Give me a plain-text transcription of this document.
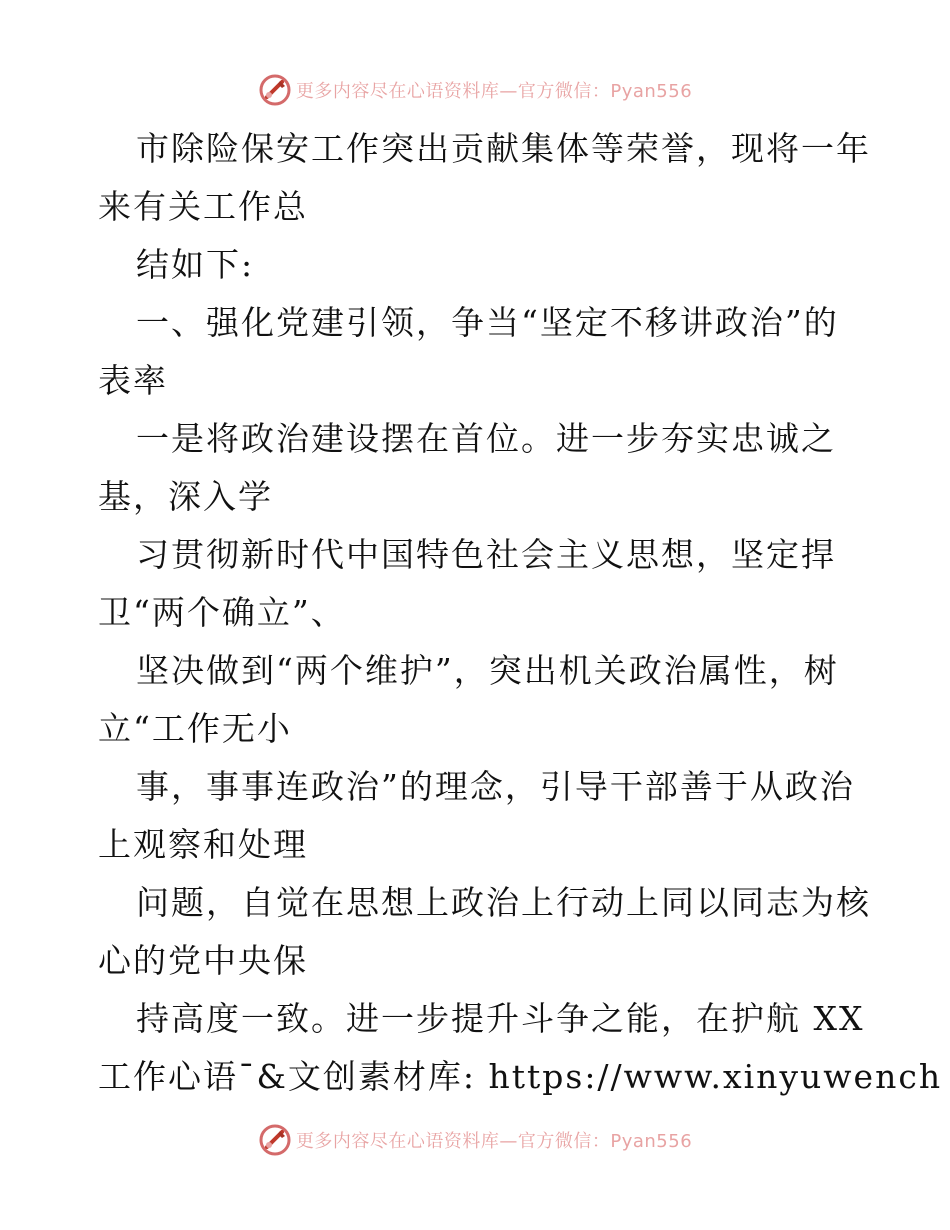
更多内容尽在心语资料库—官方微信：Pyan556
市除险保安工作突出贡献集体等荣誉，现将一年
来有关工作总
结如下:
一、强化党建引领，争当“坚定不移讲政治”的
表率
一是将政治建设摆在首位。进一步夯实忠诚之
基，深入学
习贯彻新时代中国特色社会主义思想，坚定捍
卫“两个确立”、
坚决做到“两个维护”，突出机关政治属性，树
立“工作无小
事，事事连政治”的理念，引导干部善于从政治
上观察和处理
问题，自觉在思想上政治上行动上同以同志为核
心的党中央保
持高度一致。进一步提升斗争之能，在护航 XX
工作心语¯&文创素材库: https://www.xinyuwench
更多内容尽在心语资料库—官方微信：Pyan556
